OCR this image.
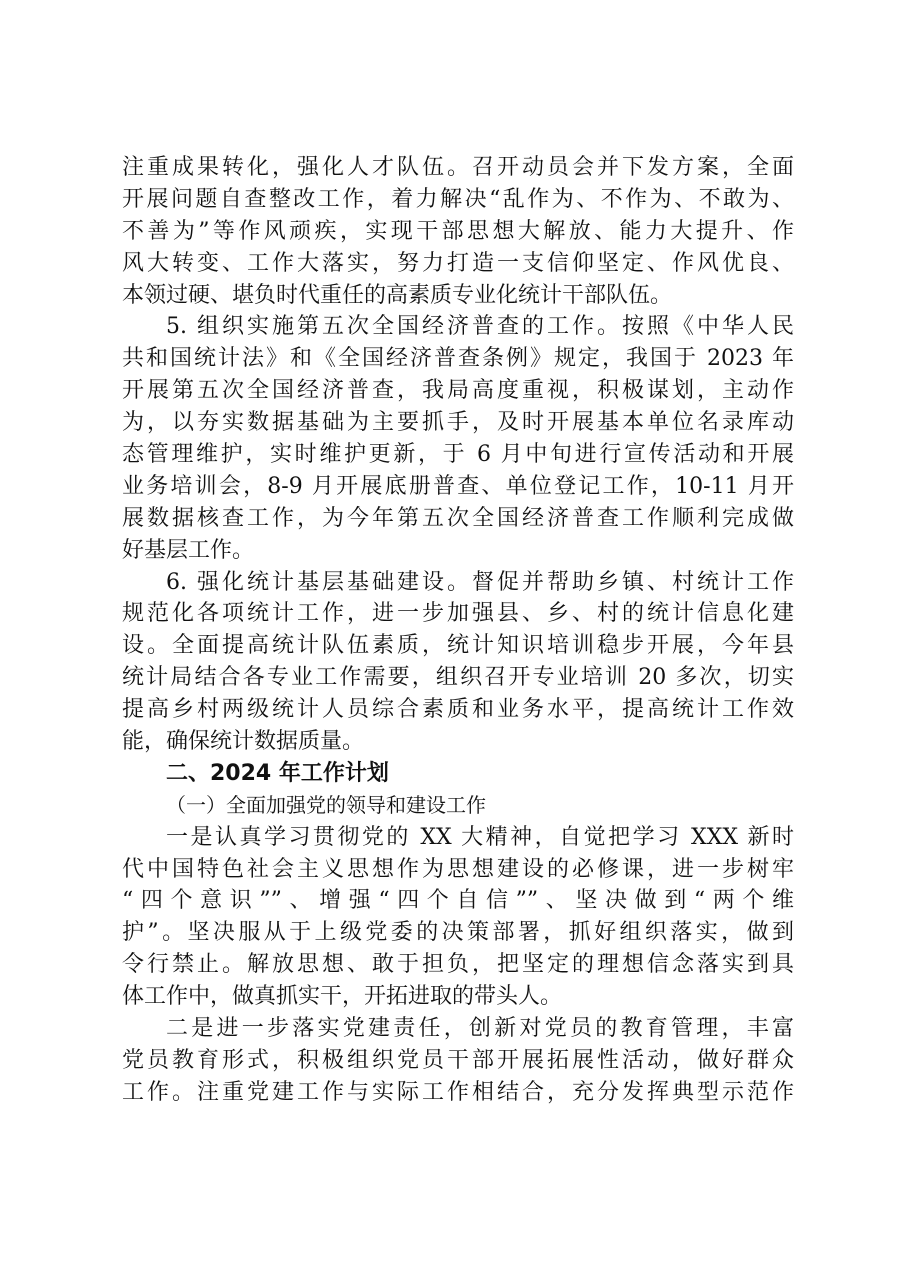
注重成果转化，强化人才队伍。召开动员会并下发方案，全面
开展问题自查整改工作，着力解决“乱作为、不作为、不敢为、
不善为”等作风顽疾，实现干部思想大解放、能力大提升、作
风大转变、工作大落实，努力打造一支信仰坚定、作风优良、
本领过硬、堪负时代重任的高素质专业化统计干部队伍。
5. 组织实施第五次全国经济普查的工作。按照《中华人民
共和国统计法》和《全国经济普查条例》规定，我国于 2023 年
开展第五次全国经济普查，我局高度重视，积极谋划，主动作
为，以夯实数据基础为主要抓手，及时开展基本单位名录库动
态管理维护，实时维护更新，于 6 月中旬进行宣传活动和开展
业务培训会，8-9 月开展底册普查、单位登记工作，10-11 月开
展数据核查工作，为今年第五次全国经济普查工作顺利完成做
好基层工作。
6. 强化统计基层基础建设。督促并帮助乡镇、村统计工作
规范化各项统计工作，进一步加强县、乡、村的统计信息化建
设。全面提高统计队伍素质，统计知识培训稳步开展，今年县
统计局结合各专业工作需要，组织召开专业培训 20 多次，切实
提高乡村两级统计人员综合素质和业务水平，提高统计工作效
能，确保统计数据质量。
二、2024 年工作计划
（一）全面加强党的领导和建设工作
一是认真学习贯彻党的 XX 大精神，自觉把学习 XXX 新时
代中国特色社会主义思想作为思想建设的必修课，进一步树牢
“四个意识””、增强“四个自信””、坚决做到“两个维
护”。坚决服从于上级党委的决策部署，抓好组织落实，做到
令行禁止。解放思想、敢于担负，把坚定的理想信念落实到具
体工作中，做真抓实干，开拓进取的带头人。
二是进一步落实党建责任，创新对党员的教育管理，丰富
党员教育形式，积极组织党员干部开展拓展性活动，做好群众
工作。注重党建工作与实际工作相结合，充分发挥典型示范作
